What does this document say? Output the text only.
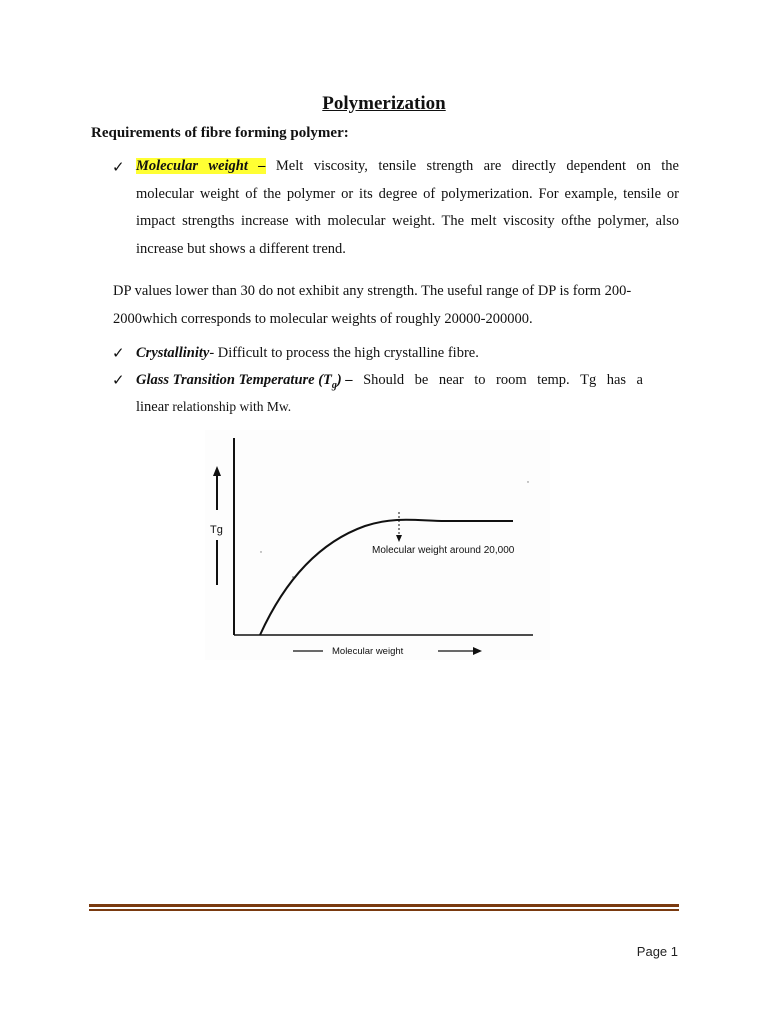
Polymerization
Requirements of fibre forming polymer:
✓ Molecular weight – Melt viscosity, tensile strength are directly dependent on the
molecular weight of the polymer or its degree of polymerization. For example, tensile or
impact strengths increase with molecular weight. The melt viscosity ofthe polymer, also
increase but shows a different trend.
DP values lower than 30 do not exhibit any strength. The useful range of DP is form 200-
2000which corresponds to molecular weights of roughly 20000-200000.
✓ Crystallinity- Difficult to process the high crystalline fibre.
✓ Glass Transition Temperature $(T_g)$ – Should be near to room temp. Tg has a
linear relationship with Mw.
Tg
Molecular weight around 20,000
Molecular weight
Page 1
